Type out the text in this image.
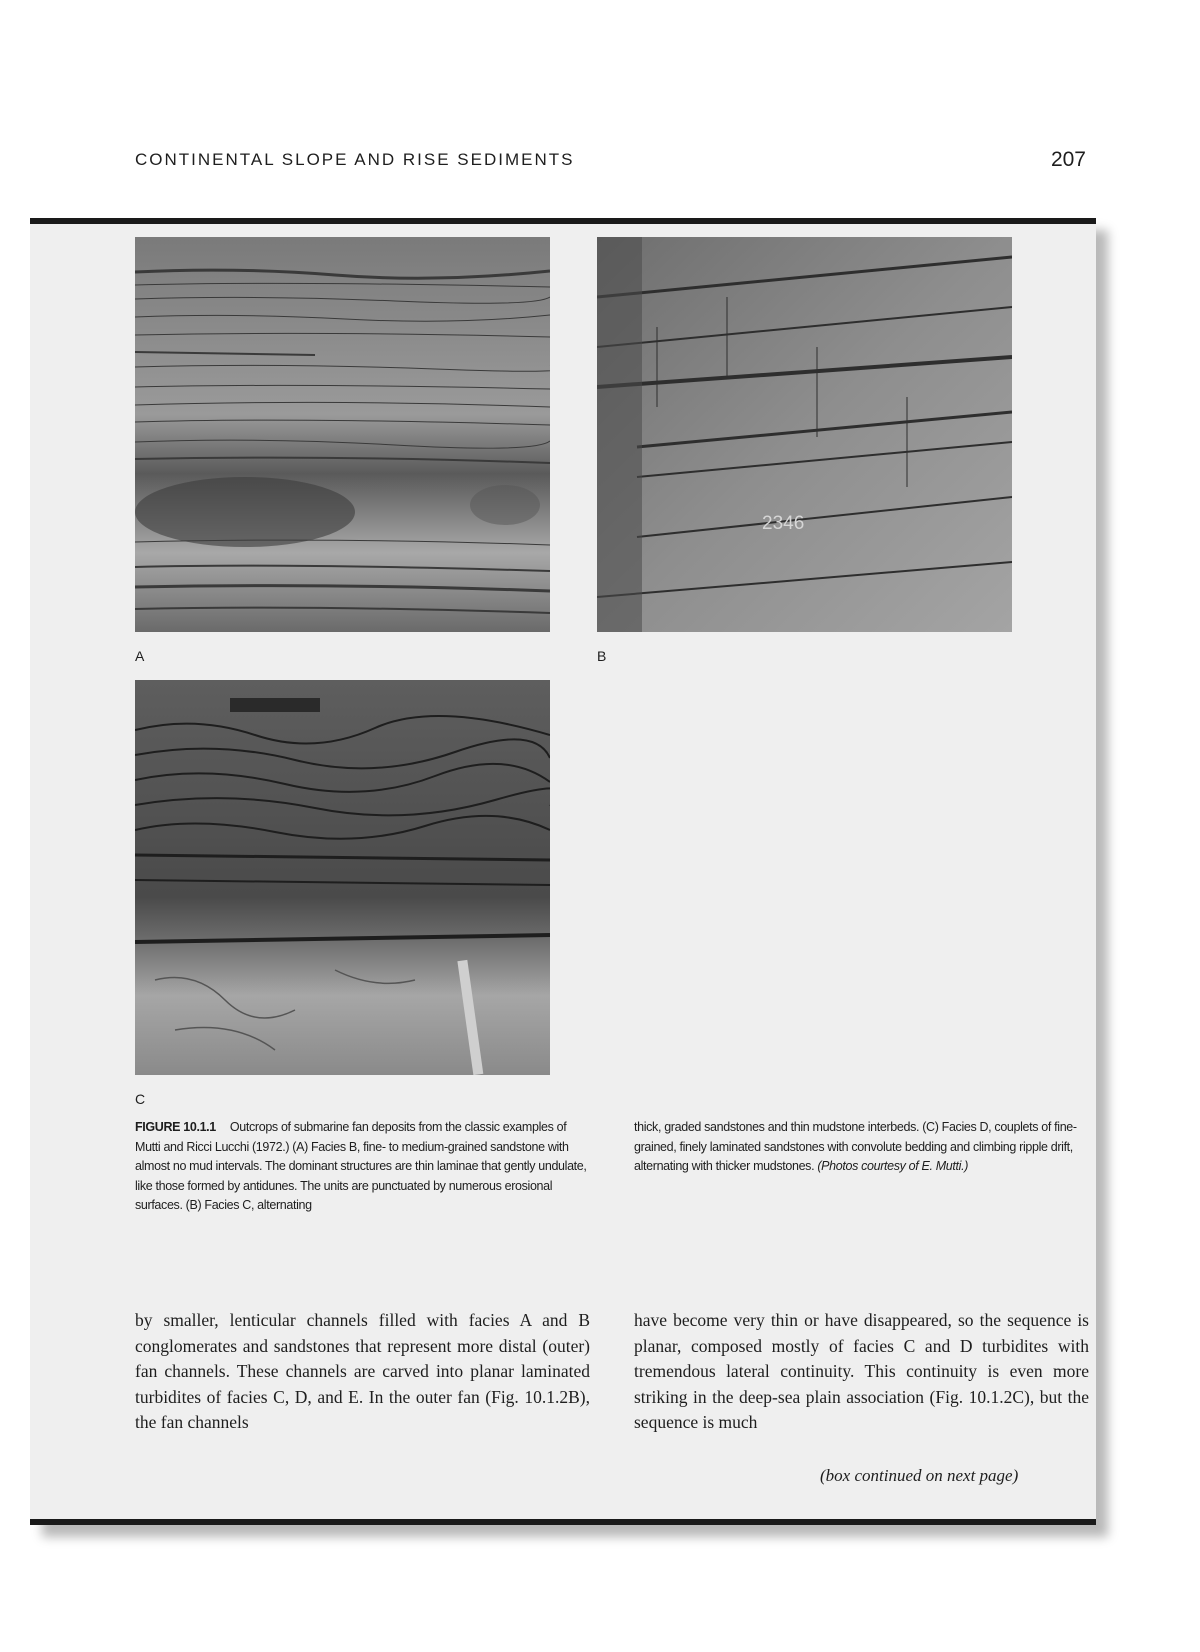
CONTINENTAL SLOPE AND RISE SEDIMENTS	207
A
2346
B
C
FIGURE 10.1.1 Outcrops of submarine fan deposits from the classic examples of Mutti and Ricci Lucchi (1972.) (A) Facies B, fine- to medium-grained sandstone with almost no mud intervals. The dominant structures are thin laminae that gently undulate, like those formed by antidunes. The units are punctuated by numerous erosional surfaces. (B) Facies C, alternating
thick, graded sandstones and thin mudstone interbeds. (C) Facies D, couplets of fine-grained, finely laminated sandstones with convolute bedding and climbing ripple drift, alternating with thicker mudstones. (Photos courtesy of E. Mutti.)
by smaller, lenticular channels filled with facies A and B conglomerates and sandstones that represent more distal (outer) fan channels. These channels are carved into planar laminated turbidites of facies C, D, and E. In the outer fan (Fig. 10.1.2B), the fan channels
have become very thin or have disappeared, so the sequence is planar, composed mostly of facies C and D turbidites with tremendous lateral continuity. This continuity is even more striking in the deep-sea plain association (Fig. 10.1.2C), but the sequence is much
(box continued on next page)
